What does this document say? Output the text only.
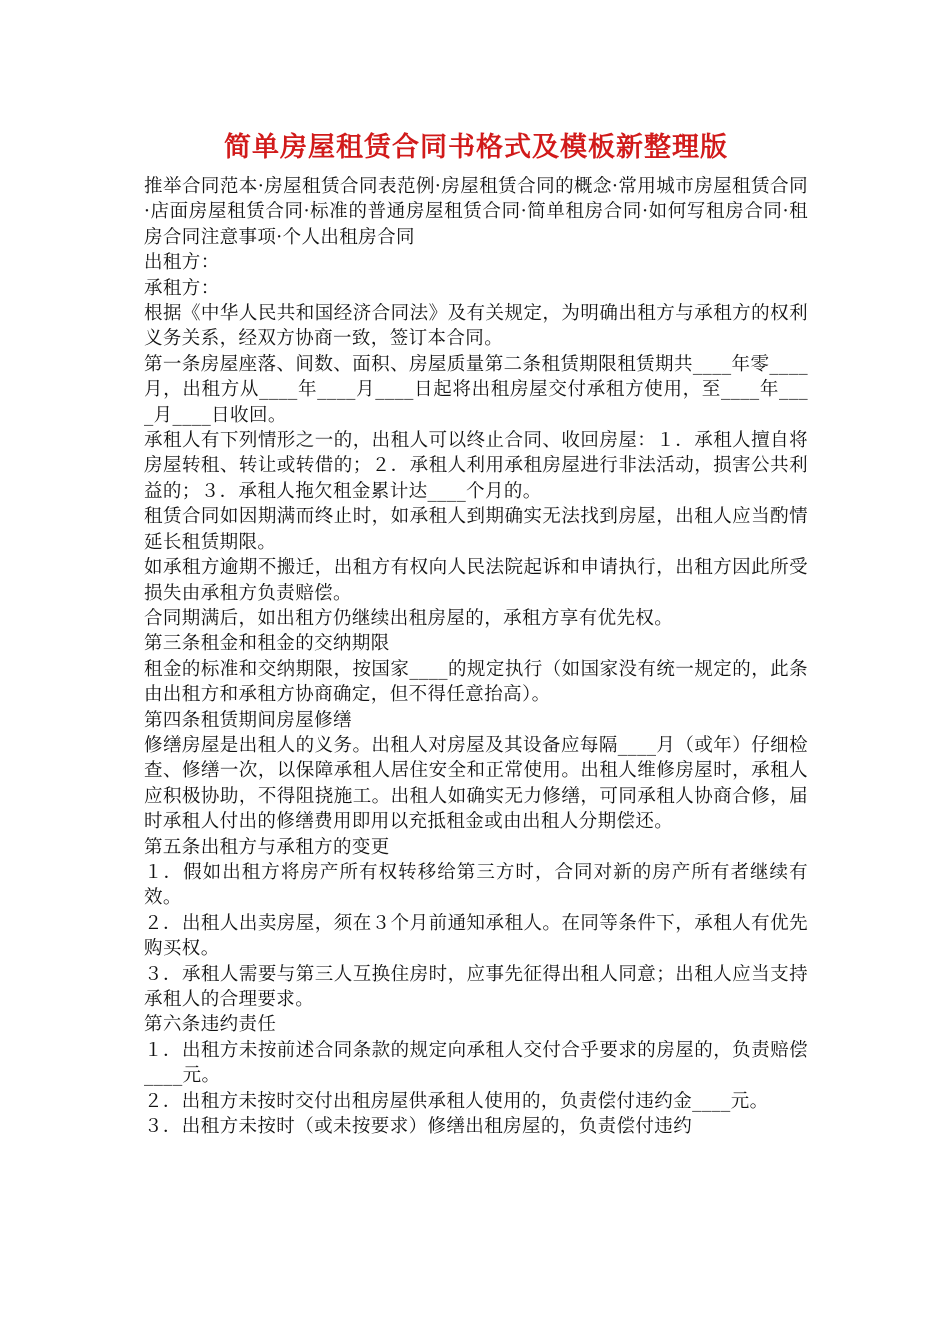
简单房屋租赁合同书格式及模板新整理版

推举合同范本·房屋租赁合同表范例·房屋租赁合同的概念·常用城市房屋租赁合同·店面房屋租赁合同·标准的普通房屋租赁合同·简单租房合同·如何写租房合同·租房合同注意事项·个人出租房合同

出租方：

承租方：

根据《中华人民共和国经济合同法》及有关规定，为明确出租方与承租方的权利义务关系，经双方协商一致，签订本合同。

第一条房屋座落、间数、面积、房屋质量第二条租赁期限租赁期共____年零____月，出租方从____年____月____日起将出租房屋交付承租方使用，至____年____月____日收回。

承租人有下列情形之一的，出租人可以终止合同、收回房屋：１．承租人擅自将房屋转租、转让或转借的；２．承租人利用承租房屋进行非法活动，损害公共利益的；３．承租人拖欠租金累计达____个月的。

租赁合同如因期满而终止时，如承租人到期确实无法找到房屋，出租人应当酌情延长租赁期限。

如承租方逾期不搬迁，出租方有权向人民法院起诉和申请执行，出租方因此所受损失由承租方负责赔偿。

合同期满后，如出租方仍继续出租房屋的，承租方享有优先权。

第三条租金和租金的交纳期限

租金的标准和交纳期限，按国家____的规定执行（如国家没有统一规定的，此条由出租方和承租方协商确定，但不得任意抬高）。

第四条租赁期间房屋修缮

修缮房屋是出租人的义务。出租人对房屋及其设备应每隔____月（或年）仔细检查、修缮一次，以保障承租人居住安全和正常使用。出租人维修房屋时，承租人应积极协助，不得阻挠施工。出租人如确实无力修缮，可同承租人协商合修，届时承租人付出的修缮费用即用以充抵租金或由出租人分期偿还。

第五条出租方与承租方的变更

１．假如出租方将房产所有权转移给第三方时，合同对新的房产所有者继续有效。

２．出租人出卖房屋，须在３个月前通知承租人。在同等条件下，承租人有优先购买权。

３．承租人需要与第三人互换住房时，应事先征得出租人同意；出租人应当支持承租人的合理要求。

第六条违约责任

１．出租方未按前述合同条款的规定向承租人交付合乎要求的房屋的，负责赔偿____元。

２．出租方未按时交付出租房屋供承租人使用的，负责偿付违约金____元。

３．出租方未按时（或未按要求）修缮出租房屋的，负责偿付违约
